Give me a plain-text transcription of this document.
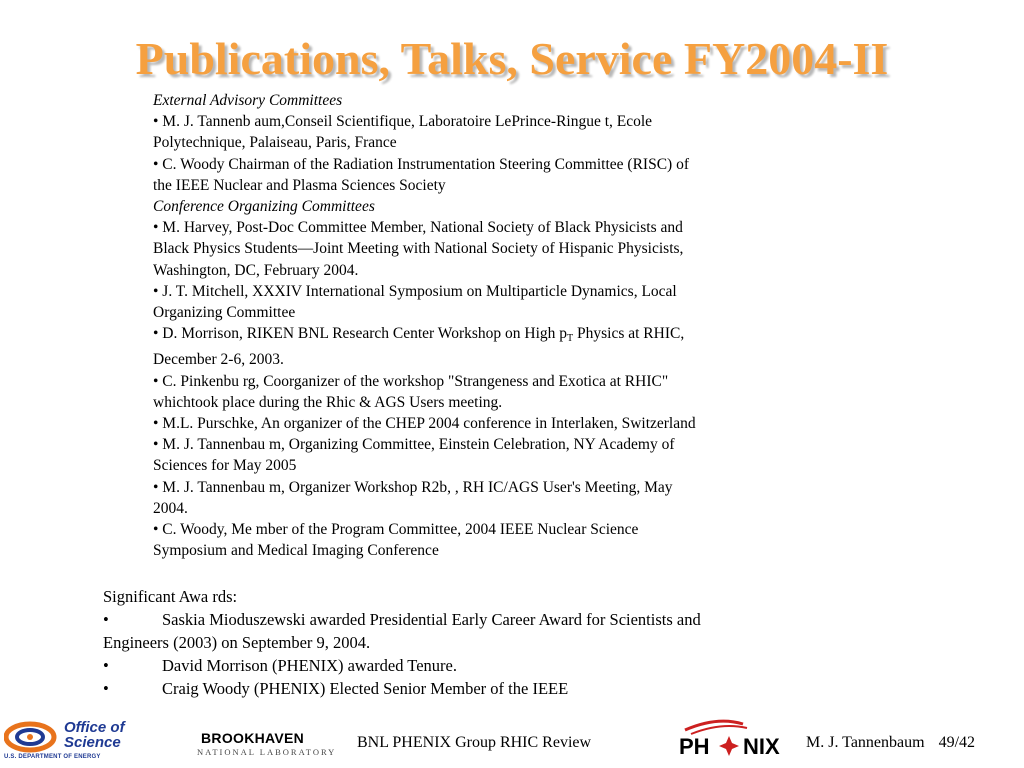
Publications, Talks, Service FY2004-II

External Advisory Committees

• M. J. Tannenb aum,Conseil Scientifique, Laboratoire LePrince-Ringue t, Ecole

Polytechnique, Palaiseau, Paris, France

• C. Woody Chairman of the Radiation Instrumentation Steering Committee (RISC) of

the IEEE Nuclear and Plasma Sciences Society

Conference Organizing Committees

• M. Harvey, Post-Doc Committee Member, National Society of Black Physicists and

Black Physics Students—Joint Meeting with National Society of Hispanic Physicists,

Washington, DC, February 2004.

• J. T. Mitchell, XXXIV International Symposium on Multiparticle Dynamics, Local

Organizing Committee

• D. Morrison, RIKEN BNL Research Center Workshop on High $p_T$ Physics at RHIC,

December 2-6, 2003.

• C. Pinkenbu rg, Coorganizer of the workshop "Strangeness and Exotica at RHIC"

whichtook place during the Rhic & AGS Users meeting.

• M.L. Purschke, An organizer of the CHEP 2004 conference in Interlaken, Switzerland

• M. J. Tannenbau m, Organizing Committee, Einstein Celebration, NY Academy of

Sciences for May 2005

• M. J. Tannenbau m, Organizer Workshop R2b, , RH IC/AGS User's Meeting, May

2004.

• C. Woody, Me mber of the Program Committee, 2004 IEEE Nuclear Science

Symposium and Medical Imaging Conference

Significant Awa rds:

•	Saskia Mioduszewski awarded Presidential Early Career Award for Scientists and

Engineers (2003) on September 9, 2004.

•	David Morrison (PHENIX) awarded Tenure.

•	Craig Woody (PHENIX) Elected Senior Member of the IEEE

Office of
Science
U.S. DEPARTMENT OF ENERGY
BROOKHAVEN
NATIONAL LABORATORY
BNL PHENIX Group RHIC Review	PH NIX M. J. Tannenbaum 49/42
